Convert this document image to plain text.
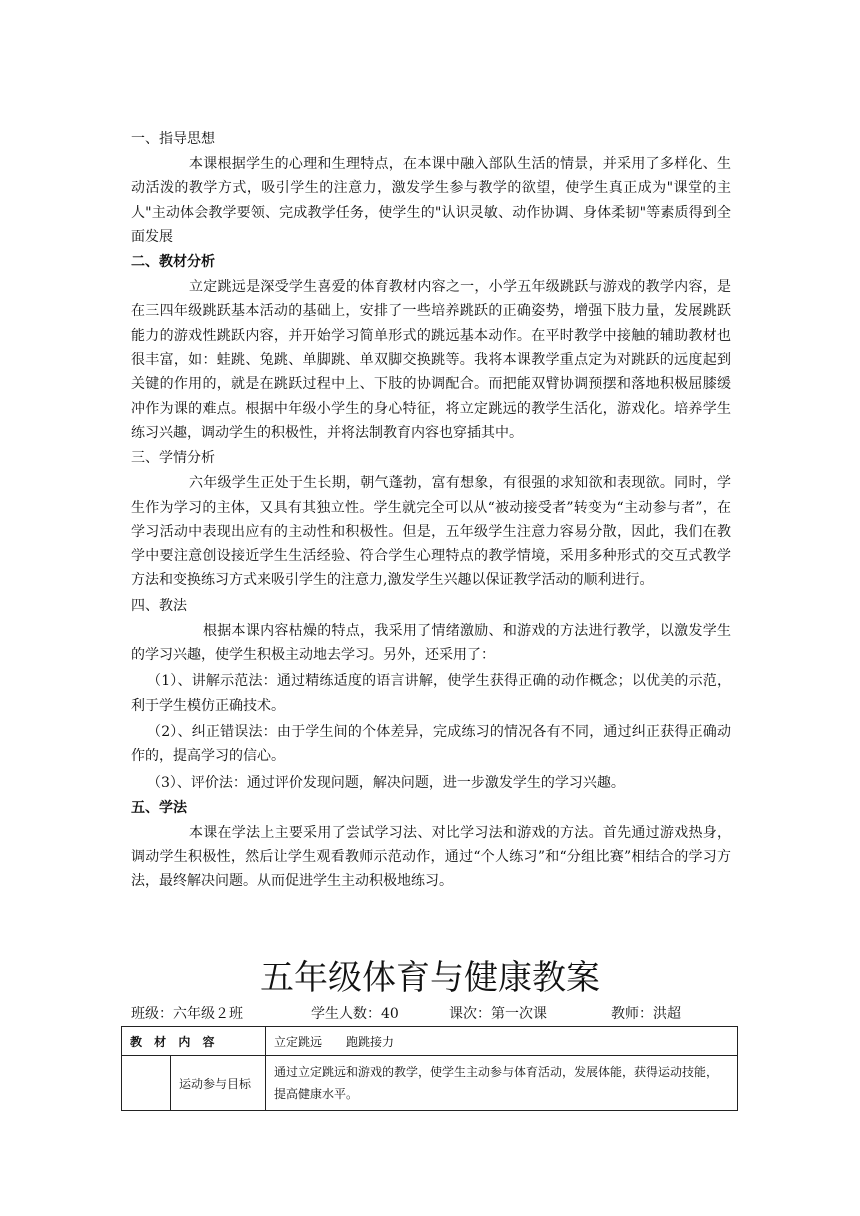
一、指导思想

本课根据学生的心理和生理特点，在本课中融入部队生活的情景，并采用了多样化、生动活泼的教学方式，吸引学生的注意力，激发学生参与教学的欲望，使学生真正成为"课堂的主人"主动体会教学要领、完成教学任务，使学生的"认识灵敏、动作协调、身体柔韧"等素质得到全面发展

二、教材分析

立定跳远是深受学生喜爱的体育教材内容之一，小学五年级跳跃与游戏的教学内容，是在三四年级跳跃基本活动的基础上，安排了一些培养跳跃的正确姿势，增强下肢力量，发展跳跃能力的游戏性跳跃内容，并开始学习简单形式的跳远基本动作。在平时教学中接触的辅助教材也很丰富，如：蛙跳、兔跳、单脚跳、单双脚交换跳等。我将本课教学重点定为对跳跃的远度起到关键的作用的，就是在跳跃过程中上、下肢的协调配合。而把能双臂协调预摆和落地积极屈膝缓冲作为课的难点。根据中年级小学生的身心特征，将立定跳远的教学生活化，游戏化。培养学生练习兴趣，调动学生的积极性，并将法制教育内容也穿插其中。

三、学情分析

六年级学生正处于生长期，朝气蓬勃，富有想象，有很强的求知欲和表现欲。同时，学生作为学习的主体，又具有其独立性。学生就完全可以从“被动接受者”转变为“主动参与者”，在学习活动中表现出应有的主动性和积极性。但是，五年级学生注意力容易分散，因此，我们在教学中要注意创设接近学生生活经验、符合学生心理特点的教学情境，采用多种形式的交互式教学方法和变换练习方式来吸引学生的注意力,激发学生兴趣以保证教学活动的顺利进行。

四、教法

根据本课内容枯燥的特点，我采用了情绪激励、和游戏的方法进行教学，以激发学生的学习兴趣，使学生积极主动地去学习。另外，还采用了：

（1）、讲解示范法：通过精练适度的语言讲解，使学生获得正确的动作概念；以优美的示范，利于学生模仿正确技术。

（2）、纠正错误法：由于学生间的个体差异，完成练习的情况各有不同，通过纠正获得正确动作的，提高学习的信心。

（3）、评价法：通过评价发现问题，解决问题，进一步激发学生的学习兴趣。

五、学法

本课在学法上主要采用了尝试学习法、对比学习法和游戏的方法。首先通过游戏热身，调动学生积极性，然后让学生观看教师示范动作，通过“个人练习”和“分组比赛”相结合的学习方法，最终解决问题。从而促进学生主动积极地练习。

五年级体育与健康教案
班级：六年级２班	学生人数：40	课次：第一次课	教师：洪超
教 材 内 容		立定跳远　　跑跳接力
	运动参与目标	通过立定跳远和游戏的教学，使学生主动参与体育活动，发展体能，获得运动技能，提高健康水平。
